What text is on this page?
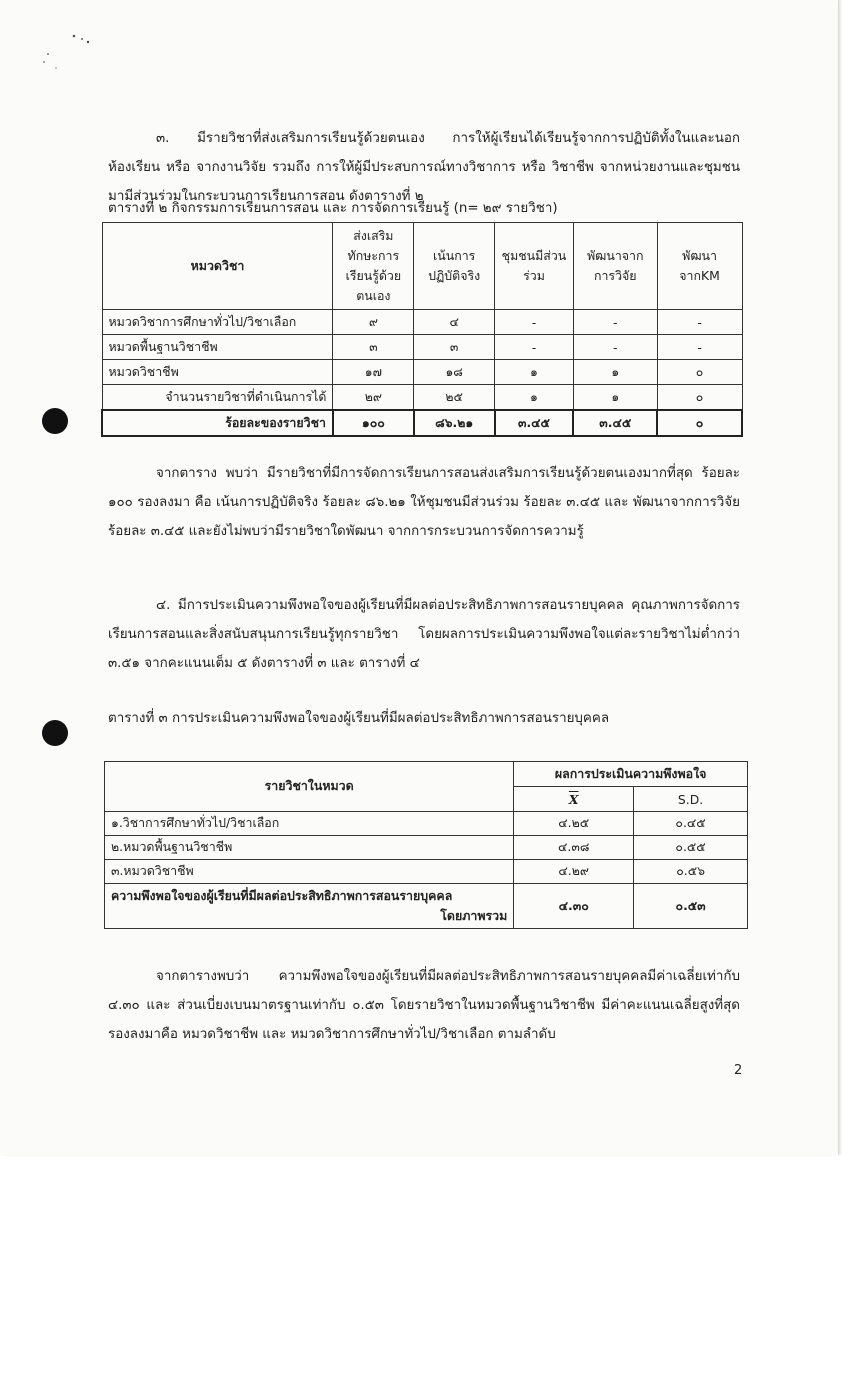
๓. มีรายวิชาที่ส่งเสริมการเรียนรู้ด้วยตนเอง การให้ผู้เรียนได้เรียนรู้จากการปฏิบัติทั้งในและนอกห้องเรียน หรือ จากงานวิจัย รวมถึง การให้ผู้มีประสบการณ์ทางวิชาการ หรือ วิชาชีพ จากหน่วยงานและชุมชน มามีส่วนร่วมในกระบวนการเรียนการสอน ดังตารางที่ ๒

ตารางที่ ๒ กิจกรรมการเรียนการสอน และ การจัดการเรียนรู้ (n= ๒๙ รายวิชา)

หมวดวิชา	ส่งเสริมทักษะการเรียนรู้ด้วยตนเอง	เน้นการปฏิบัติจริง	ชุมชนมีส่วนร่วม	พัฒนาจากการวิจัย	พัฒนาจากKM
หมวดวิชาการศึกษาทั่วไป/วิชาเลือก	๙	๔	-	-	-
หมวดพื้นฐานวิชาชีพ	๓	๓	-	-	-
หมวดวิชาชีพ	๑๗	๑๘	๑	๑	๐
จำนวนรายวิชาที่ดำเนินการได้	๒๙	๒๕	๑	๑	๐
ร้อยละของรายวิชา	๑๐๐	๘๖.๒๑	๓.๔๕	๓.๔๕	๐

จากตาราง พบว่า มีรายวิชาที่มีการจัดการเรียนการสอนส่งเสริมการเรียนรู้ด้วยตนเองมากที่สุด ร้อยละ ๑๐๐ รองลงมา คือ เน้นการปฏิบัติจริง ร้อยละ ๘๖.๒๑ ให้ชุมชนมีส่วนร่วม ร้อยละ ๓.๔๕ และ พัฒนาจากการวิจัย ร้อยละ ๓.๔๕ และยังไม่พบว่ามีรายวิชาใดพัฒนา จากการกระบวนการจัดการความรู้

๔. มีการประเมินความพึงพอใจของผู้เรียนที่มีผลต่อประสิทธิภาพการสอนรายบุคคล คุณภาพการจัดการเรียนการสอนและสิ่งสนับสนุนการเรียนรู้ทุกรายวิชา โดยผลการประเมินความพึงพอใจแต่ละรายวิชาไม่ต่ำกว่า ๓.๕๑ จากคะแนนเต็ม ๕ ดังตารางที่ ๓ และ ตารางที่ ๔

ตารางที่ ๓ การประเมินความพึงพอใจของผู้เรียนที่มีผลต่อประสิทธิภาพการสอนรายบุคคล

รายวิชาในหมวด	ผลการประเมินความพึงพอใจ	
	$\overline{X}$	S.D.
๑.วิชาการศึกษาทั่วไป/วิชาเลือก	๔.๒๕	๐.๔๕
๒.หมวดพื้นฐานวิชาชีพ	๔.๓๘	๐.๕๕
๓.หมวดวิชาชีพ	๔.๒๙	๐.๕๖

ความพึงพอใจของผู้เรียนที่มีผลต่อประสิทธิภาพการสอนรายบุคคล
โดยภาพรวม	๔.๓๐	๐.๕๓

จากตารางพบว่า ความพึงพอใจของผู้เรียนที่มีผลต่อประสิทธิภาพการสอนรายบุคคลมีค่าเฉลี่ยเท่ากับ ๔.๓๐ และ ส่วนเบี่ยงเบนมาตรฐานเท่ากับ ๐.๕๓ โดยรายวิชาในหมวดพื้นฐานวิชาชีพ มีค่าคะแนนเฉลี่ยสูงที่สุด รองลงมาคือ หมวดวิชาชีพ และ หมวดวิชาการศึกษาทั่วไป/วิชาเลือก ตามลำดับ

2
